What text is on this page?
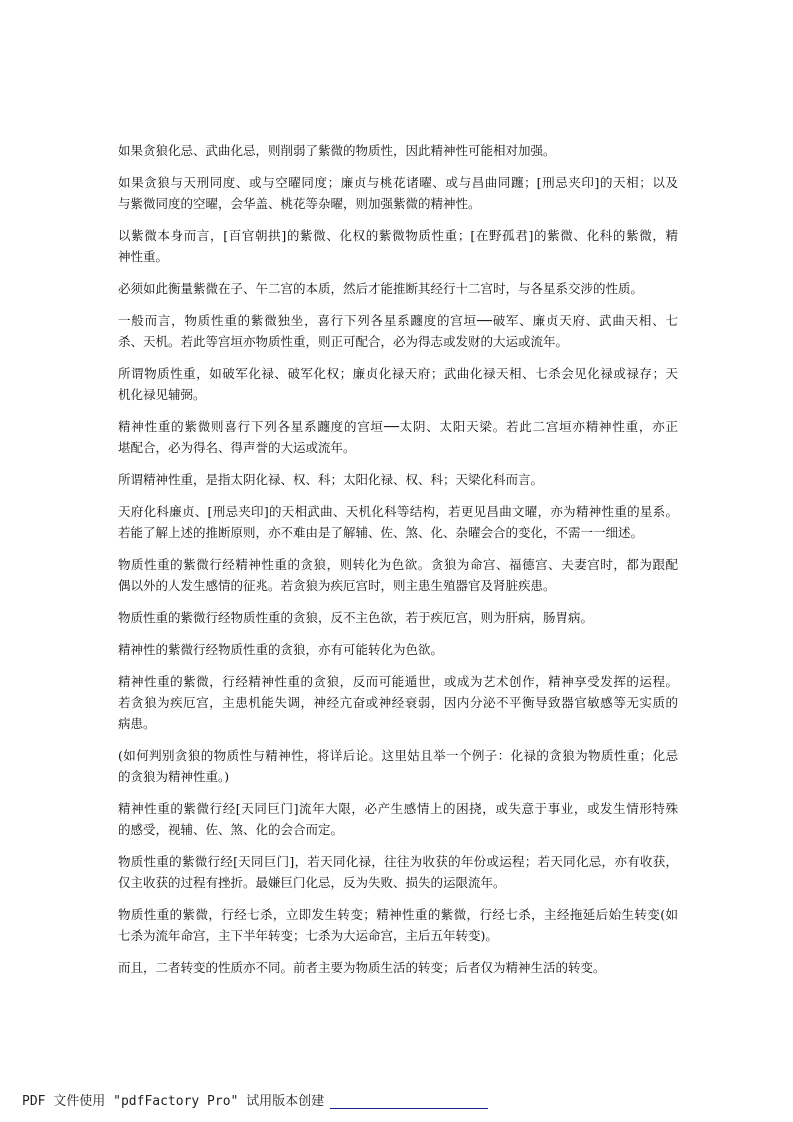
如果贪狼化忌、武曲化忌，则削弱了紫微的物质性，因此精神性可能相对加强。
如果贪狼与天刑同度、或与空曜同度；廉贞与桃花诸曜、或与昌曲同躔；[刑忌夹印]的天相；以及
与紫微同度的空曜，会华盖、桃花等杂曜，则加强紫微的精神性。
以紫微本身而言，[百官朝拱]的紫微、化权的紫微物质性重；[在野孤君]的紫微、化科的紫微，精
神性重。
必须如此衡量紫微在子、午二宫的本质，然后才能推断其经行十二宫时，与各星系交涉的性质。
一般而言，物质性重的紫微独坐，喜行下列各星系躔度的宫垣──破军、廉贞天府、武曲天相、七
杀、天机。若此等宫垣亦物质性重，则正可配合，必为得志或发财的大运或流年。
所谓物质性重，如破军化禄、破军化权；廉贞化禄天府；武曲化禄天相、七杀会见化禄或禄存；天
机化禄见辅弼。
精神性重的紫微则喜行下列各星系躔度的宫垣──太阴、太阳天梁。若此二宫垣亦精神性重，亦正
堪配合，必为得名、得声誉的大运或流年。
所谓精神性重，是指太阴化禄、权、科；太阳化禄、权、科；天梁化科而言。
天府化科廉贞、[刑忌夹印]的天相武曲、天机化科等结构，若更见昌曲文曜，亦为精神性重的星系。
若能了解上述的推断原则，亦不难由是了解辅、佐、煞、化、杂曜会合的变化，不需一一细述。
物质性重的紫微行经精神性重的贪狼，则转化为色欲。贪狼为命宫、福德宫、夫妻宫时，都为跟配
偶以外的人发生感情的征兆。若贪狼为疾厄宫时，则主患生殖器官及肾脏疾患。
物质性重的紫微行经物质性重的贪狼，反不主色欲，若于疾厄宫，则为肝病，肠胃病。
精神性的紫微行经物质性重的贪狼，亦有可能转化为色欲。
精神性重的紫微，行经精神性重的贪狼，反而可能遁世，或成为艺术创作，精神享受发挥的运程。
若贪狼为疾厄宫，主患机能失调，神经亢奋或神经衰弱，因内分泌不平衡导致器官敏感等无实质的
病患。
(如何判别贪狼的物质性与精神性，将详后论。这里姑且举一个例子：化禄的贪狼为物质性重；化忌
的贪狼为精神性重。)
精神性重的紫微行经[天同巨门]流年大限，必产生感情上的困挠，或失意于事业，或发生情形特殊
的感受，视辅、佐、煞、化的会合而定。
物质性重的紫微行经[天同巨门]，若天同化禄，往往为收获的年份或运程；若天同化忌，亦有收获，
仅主收获的过程有挫折。最嫌巨门化忌，反为失败、损失的运限流年。
物质性重的紫微，行经七杀，立即发生转变；精神性重的紫微，行经七杀，主经拖延后始生转变(如
七杀为流年命宫，主下半年转变；七杀为大运命宫，主后五年转变)。
而且，二者转变的性质亦不同。前者主要为物质生活的转变；后者仅为精神生活的转变。
PDF 文件使用 "pdfFactory Pro" 试用版本创建
